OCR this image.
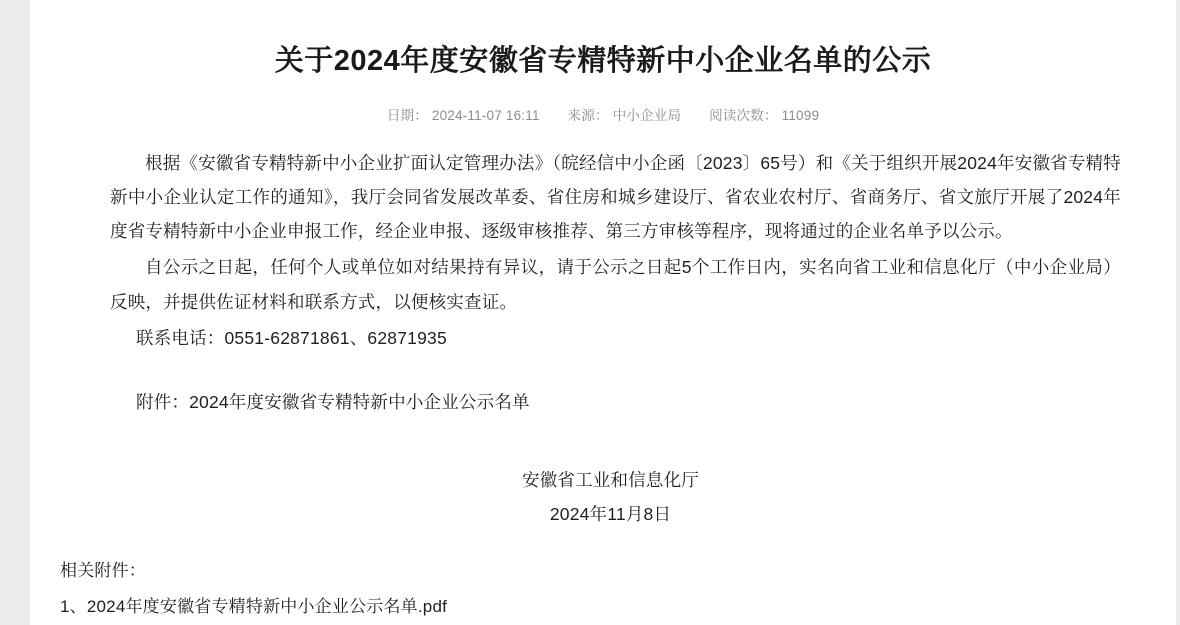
关于2024年度安徽省专精特新中小企业名单的公示
日期： 2024-11-07 16:11 来源： 中小企业局 阅读次数： 11099

根据《安徽省专精特新中小企业扩面认定管理办法》（皖经信中小企函〔2023〕65号）和《关于组织开展2024年安徽省专精特新中小企业认定工作的通知》，我厅会同省发展改革委、省住房和城乡建设厅、省农业农村厅、省商务厅、省文旅厅开展了2024年度省专精特新中小企业申报工作，经企业申报、逐级审核推荐、第三方审核等程序，现将通过的企业名单予以公示。

自公示之日起，任何个人或单位如对结果持有异议，请于公示之日起5个工作日内，实名向省工业和信息化厅（中小企业局）反映，并提供佐证材料和联系方式，以便核实查证。

联系电话：0551-62871861、62871935

附件：2024年度安徽省专精特新中小企业公示名单

安徽省工业和信息化厅
2024年11月8日
相关附件：
1、2024年度安徽省专精特新中小企业公示名单.pdf
